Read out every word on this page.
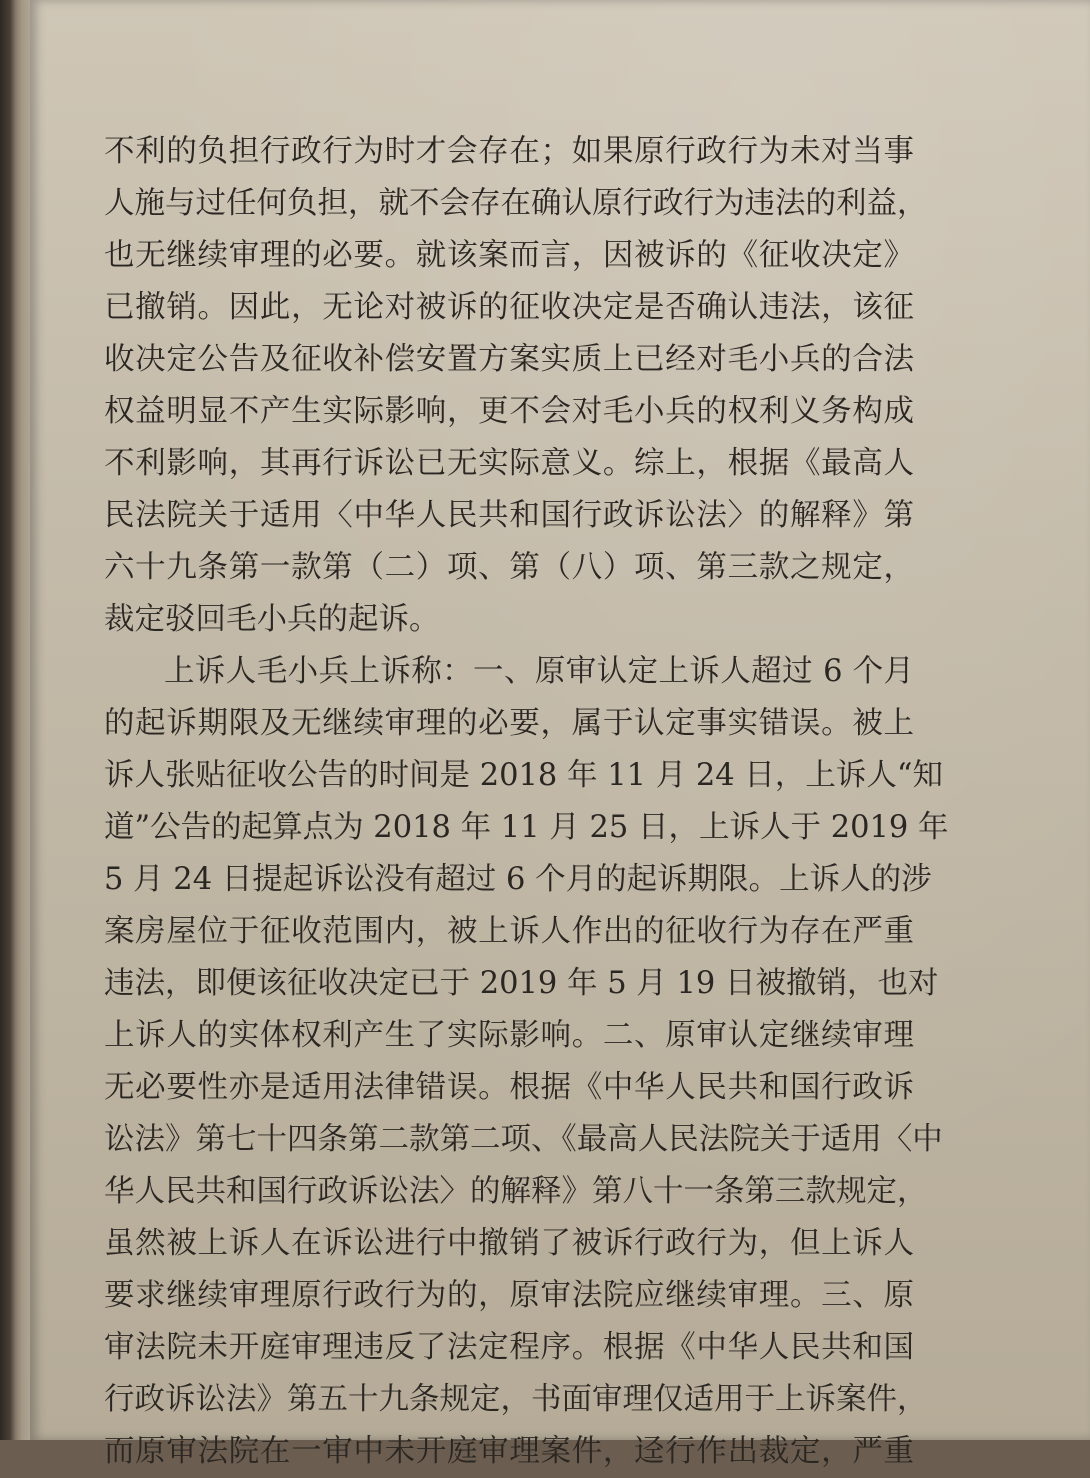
不利的负担行政行为时才会存在；如果原行政行为未对当事
人施与过任何负担，就不会存在确认原行政行为违法的利益，
也无继续审理的必要。就该案而言，因被诉的《征收决定》
已撤销。因此，无论对被诉的征收决定是否确认违法，该征
收决定公告及征收补偿安置方案实质上已经对毛小兵的合法
权益明显不产生实际影响，更不会对毛小兵的权利义务构成
不利影响，其再行诉讼已无实际意义。综上，根据《最高人
民法院关于适用〈中华人民共和国行政诉讼法〉的解释》第
六十九条第一款第（二）项、第（八）项、第三款之规定，
裁定驳回毛小兵的起诉。
上诉人毛小兵上诉称：一、原审认定上诉人超过 6 个月
的起诉期限及无继续审理的必要，属于认定事实错误。被上
诉人张贴征收公告的时间是 2018 年 11 月 24 日，上诉人“知
道”公告的起算点为 2018 年 11 月 25 日，上诉人于 2019 年
5 月 24 日提起诉讼没有超过 6 个月的起诉期限。上诉人的涉
案房屋位于征收范围内，被上诉人作出的征收行为存在严重
违法，即便该征收决定已于 2019 年 5 月 19 日被撤销，也对
上诉人的实体权利产生了实际影响。二、原审认定继续审理
无必要性亦是适用法律错误。根据《中华人民共和国行政诉
讼法》第七十四条第二款第二项、《最高人民法院关于适用〈中
华人民共和国行政诉讼法〉的解释》第八十一条第三款规定，
虽然被上诉人在诉讼进行中撤销了被诉行政行为，但上诉人
要求继续审理原行政行为的，原审法院应继续审理。三、原
审法院未开庭审理违反了法定程序。根据《中华人民共和国
行政诉讼法》第五十九条规定，书面审理仅适用于上诉案件，
而原审法院在一审中未开庭审理案件，迳行作出裁定，严重
